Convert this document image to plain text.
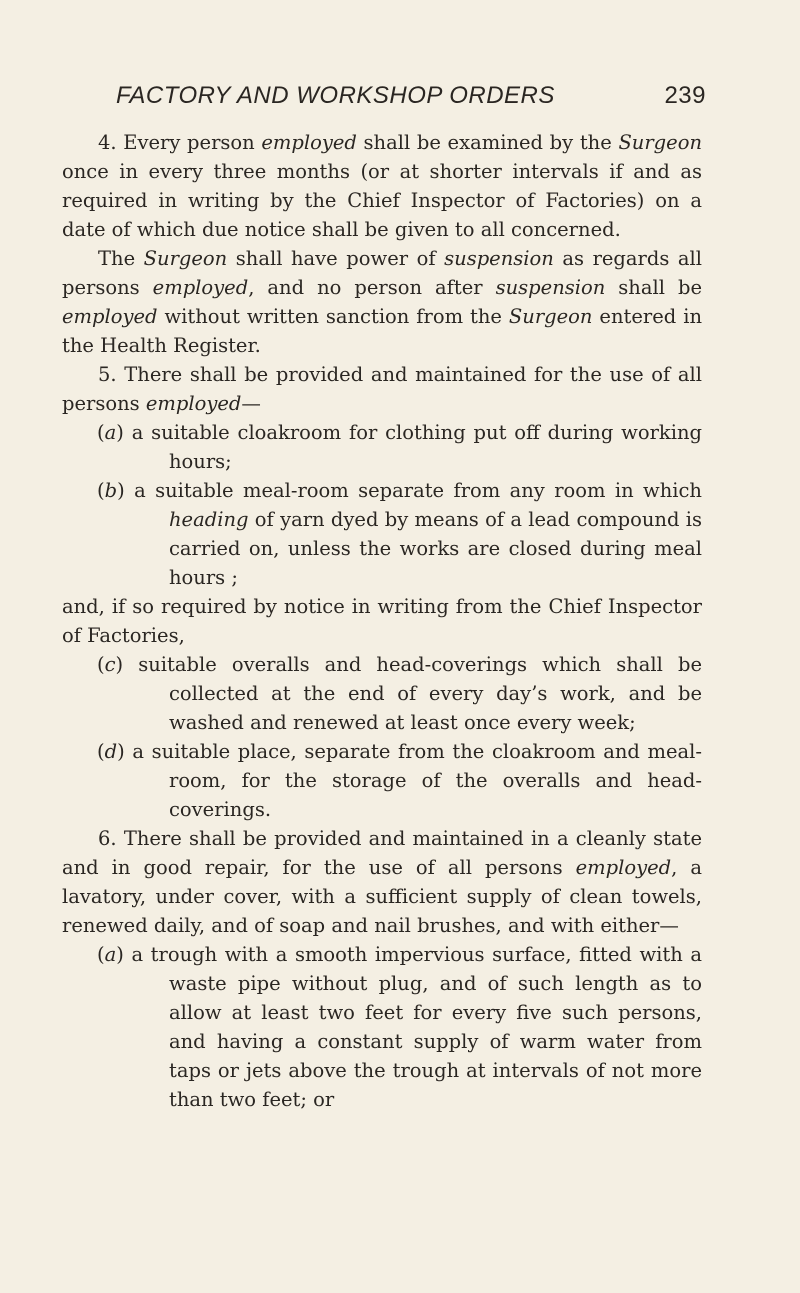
FACTORY AND WORKSHOP ORDERS	239

4. Every person employed shall be examined by the Surgeon once in every three months (or at shorter intervals if and as required in writing by the Chief Inspector of Factories) on a date of which due notice shall be given to all concerned.

The Surgeon shall have power of suspension as regards all persons employed, and no person after suspension shall be employed without written sanction from the Surgeon entered in the Health Register.

5. There shall be provided and maintained for the use of all persons employed—

(a) a suitable cloakroom for clothing put off during working hours;

(b) a suitable meal-room separate from any room in which heading of yarn dyed by means of a lead compound is carried on, unless the works are closed during meal hours ;

and, if so required by notice in writing from the Chief Inspector of Factories,

(c) suitable overalls and head-coverings which shall be collected at the end of every day’s work, and be washed and renewed at least once every week;

(d) a suitable place, separate from the cloakroom and meal-room, for the storage of the overalls and head-coverings.

6. There shall be provided and maintained in a cleanly state and in good repair, for the use of all persons employed, a lavatory, under cover, with a sufficient supply of clean towels, renewed daily, and of soap and nail brushes, and with either—

(a) a trough with a smooth impervious surface, fitted with a waste pipe without plug, and of such length as to allow at least two feet for every five such persons, and having a constant supply of warm water from taps or jets above the trough at intervals of not more than two feet; or
